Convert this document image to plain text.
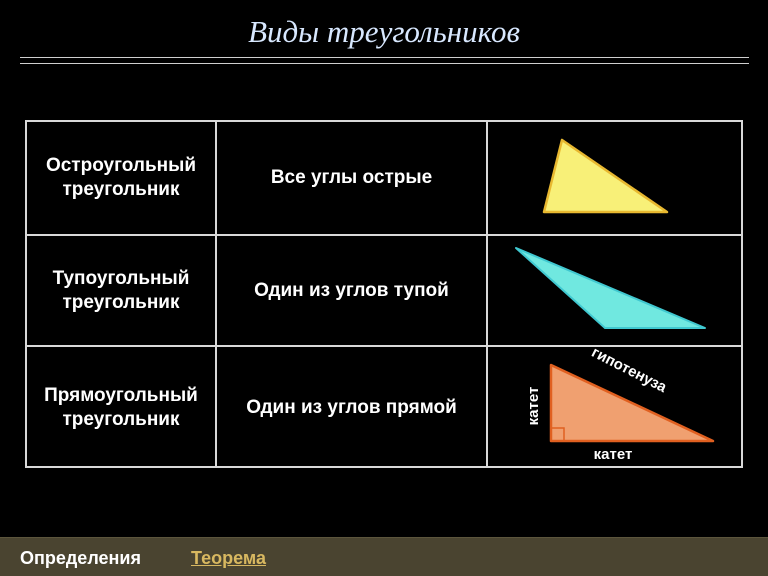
Виды треугольников
Остроугольный
треугольник
Все углы острые
Тупоугольный
треугольник
Один из углов тупой
Прямоугольный
треугольник
Один из углов прямой
гипотенуза
катет
катет
Определения	Теорема
